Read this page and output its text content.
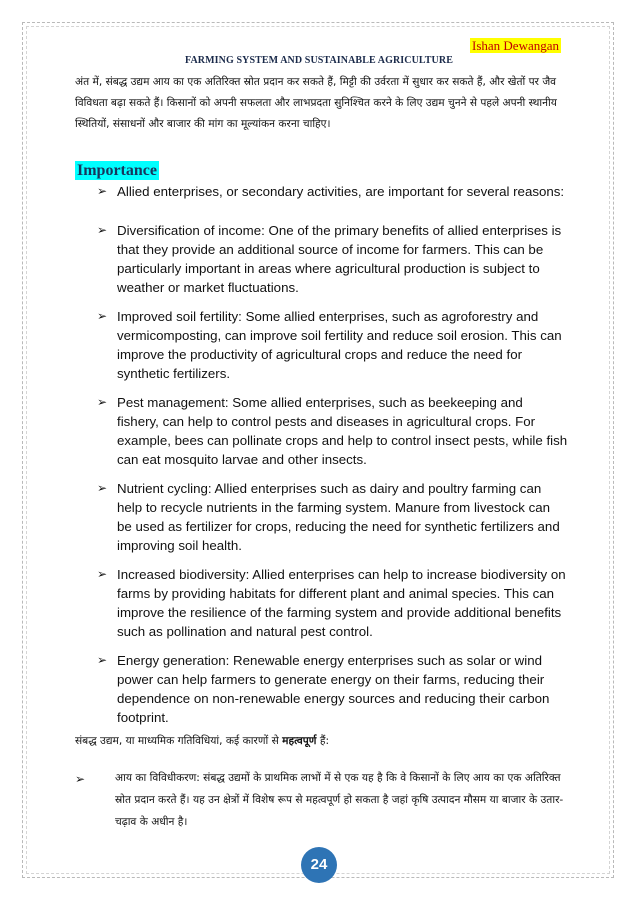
Ishan Dewangan
FARMING SYSTEM AND SUSTAINABLE AGRICULTURE

अंत में, संबद्ध उद्यम आय का एक अतिरिक्त स्रोत प्रदान कर सकते हैं, मिट्टी की उर्वरता में सुधार कर सकते हैं, और खेतों पर जैव विविधता बढ़ा सकते हैं। किसानों को अपनी सफलता और लाभप्रदता सुनिश्चित करने के लिए उद्यम चुनने से पहले अपनी स्थानीय स्थितियों, संसाधनों और बाजार की मांग का मूल्यांकन करना चाहिए।

Importance
➢ Allied enterprises, or secondary activities, are important for several reasons:
➢ Diversification of income: One of the primary benefits of allied enterprises is that they provide an additional source of income for farmers. This can be particularly important in areas where agricultural production is subject to weather or market fluctuations.
➢ Improved soil fertility: Some allied enterprises, such as agroforestry and vermicomposting, can improve soil fertility and reduce soil erosion. This can improve the productivity of agricultural crops and reduce the need for synthetic fertilizers.
➢ Pest management: Some allied enterprises, such as beekeeping and fishery, can help to control pests and diseases in agricultural crops. For example, bees can pollinate crops and help to control insect pests, while fish can eat mosquito larvae and other insects.
➢ Nutrient cycling: Allied enterprises such as dairy and poultry farming can help to recycle nutrients in the farming system. Manure from livestock can be used as fertilizer for crops, reducing the need for synthetic fertilizers and improving soil health.
➢ Increased biodiversity: Allied enterprises can help to increase biodiversity on farms by providing habitats for different plant and animal species. This can improve the resilience of the farming system and provide additional benefits such as pollination and natural pest control.
➢ Energy generation: Renewable energy enterprises such as solar or wind power can help farmers to generate energy on their farms, reducing their dependence on non-renewable energy sources and reducing their carbon footprint.

संबद्ध उद्यम, या माध्यमिक गतिविधियां, कई कारणों से महत्वपूर्ण हैं:

➢	आय का विविधीकरण: संबद्ध उद्यमों के प्राथमिक लाभों में से एक यह है कि वे किसानों के लिए आय का एक अतिरिक्त स्रोत प्रदान करते हैं। यह उन क्षेत्रों में विशेष रूप से महत्वपूर्ण हो सकता है जहां कृषि उत्पादन मौसम या बाजार के उतार-चढ़ाव के अधीन है।
24
